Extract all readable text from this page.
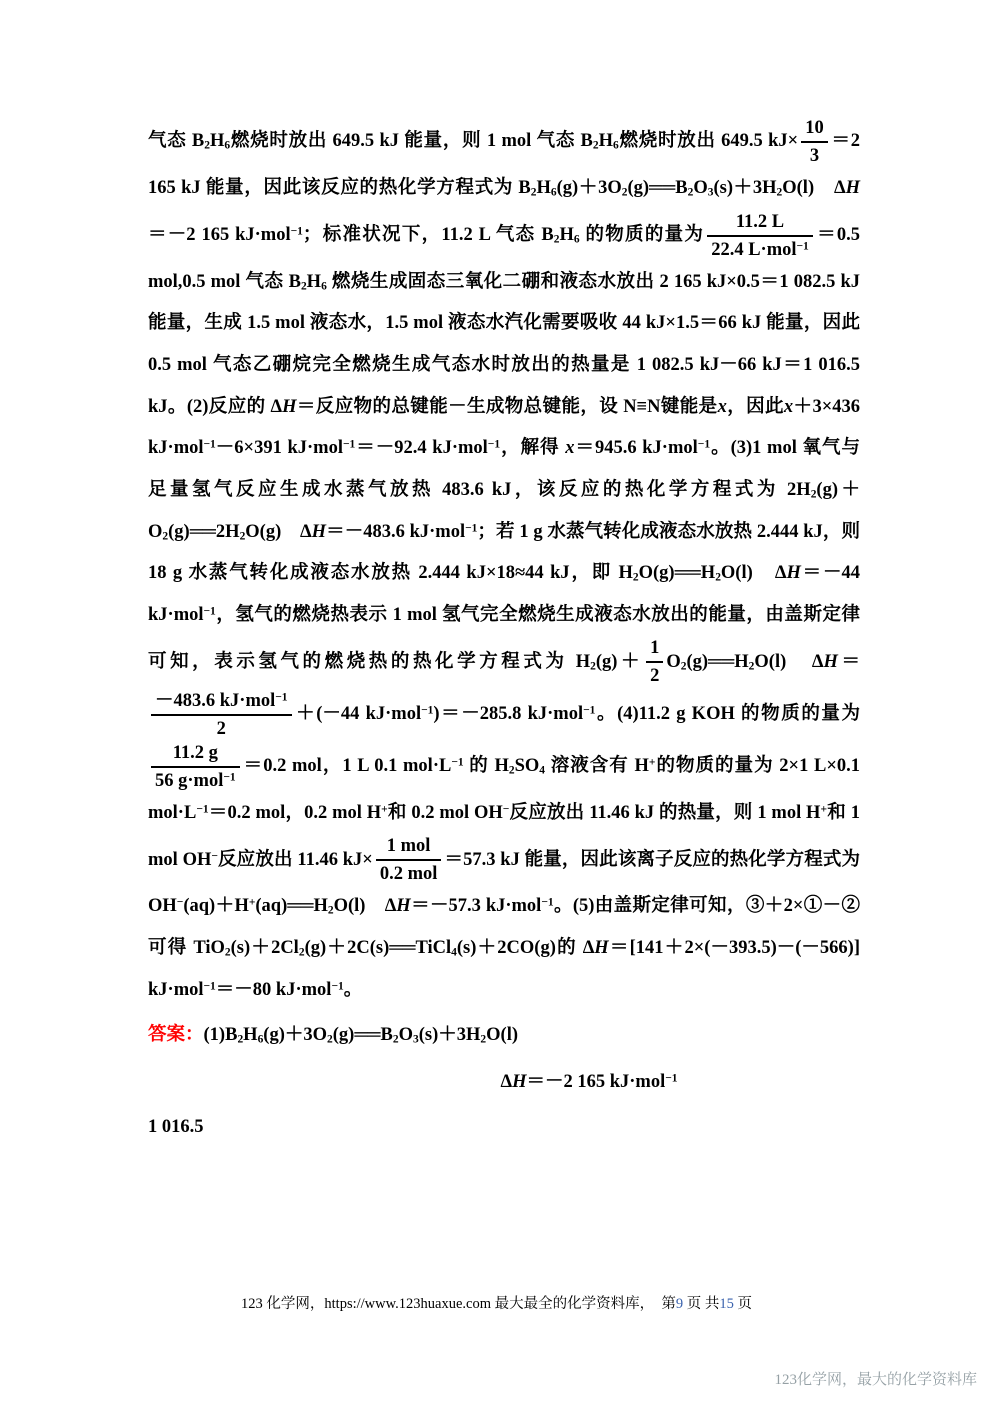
气态 $B_2H_6$燃烧时放出 649.5 kJ 能量，则 1 mol 气态 $B_2H_6$燃烧时放出 649.5 $kJ\times \frac{10}{3} =2$ 165 kJ 能量，因此该反应的热化学方程式为 $B_2H_6(g)+3O_2(g)══B_2O_3(s)+3H_2O(l)$　ΔH＝－2 165 kJ·mol$^{-1}$；标准状况下，11.2 L 气态 $B_2H_6$ 的物质的量为 $\frac{11.2 L}{22.4 L\cdot mol^{-1}} =0.5$ mol,0.5 mol 气态 $B_2H_6$ 燃烧生成固态三氧化二硼和液态水放出 2 165 kJ×0.5＝1 082.5 kJ 能量，生成 1.5 mol 液态水，1.5 mol 液态水汽化需要吸收 44 kJ×1.5＝66 kJ 能量，因此 0.5 mol 气态乙硼烷完全燃烧生成气态水时放出的热量是 1 082.5 kJ－66 kJ＝1 016.5 kJ。(2)反应的 ΔH＝反应物的总键能－生成物总键能，设 N≡N键能是x，因此x＋3×436 kJ·mol$^{-1}$－6×391 kJ·mol$^{-1}$＝－92.4 kJ·mol$^{-1}$，解得 x＝945.6 kJ·mol$^{-1}$。(3)1 mol 氧气与足量氢气反应生成水蒸气放热 483.6 kJ，该反应的热化学方程式为 $2H_2(g)+O_2(g)══2H_2O(g)$　ΔH＝－483.6 kJ·mol$^{-1}$；若 1 g 水蒸气转化成液态水放热 2.444 kJ，则 18 g 水蒸气转化成液态水放热 2.444 kJ×18≈44 kJ，即 $H_2O(g)══H_2O(l)$　ΔH＝－44 kJ·mol$^{-1}$，氢气的燃烧热表示 1 mol 氢气完全燃烧生成液态水放出的能量，由盖斯定律可知，表示氢气的燃烧热的热化学方程式为 $H_2(g)+ \frac{1}{2}$ $O_2(g)══H_2O(l)$　ΔH＝
$\frac{-483.6 kJ\cdot mol^{-1}}{2} +(-44$ kJ·mol$^{-1}$)＝－285.8 kJ·mol$^{-1}$。(4)11.2 g KOH 的物质的量为
$\frac{11.2 g}{56 g\cdot mol^{-1}} =0.2$ mol，1 L 0.1 $mol\cdot L^{-1}$ 的 $H_2SO_4$ 溶液含有 H+的物质的量为 2×1 L×0.1 $mol\cdot L^{-1}=0.2$ mol，0.2 mol H+和 0.2 mol OH−反应放出 11.46 kJ 的热量，则 1 mol H+和 1 mol OH−反应放出 11.46 $kJ\times \frac{\text{1 mol}}{\text{0.2 mol}} =57.3$ kJ 能量，因此该离子反应的热化学方程式为 $OH^-(aq)+H^+(aq)══H_2O(l)$　ΔH＝－57.3 kJ·mol$^{-1}$。(5)由盖斯定律可知，③＋2×①－②可得 $TiO_2(s)+2Cl_2(g)+2C(s)══TiCl_4(s)+2CO(g)$的 ΔH＝[141＋2×(－393.5)－(－566)] kJ·mol$^{-1}$＝－80 kJ·mol$^{-1}$。

答案：$(1)B_2H_6(g)+3O_2(g)══B_2O_3(s)+3H_2O(l)$

ΔH＝－2 165 kJ·mol$^{-1}$

1 016.5

123 化学网，https://www.123huaxue.com 最大最全的化学资料库，　第9 页 共15 页
123化学网，最大的化学资料库
